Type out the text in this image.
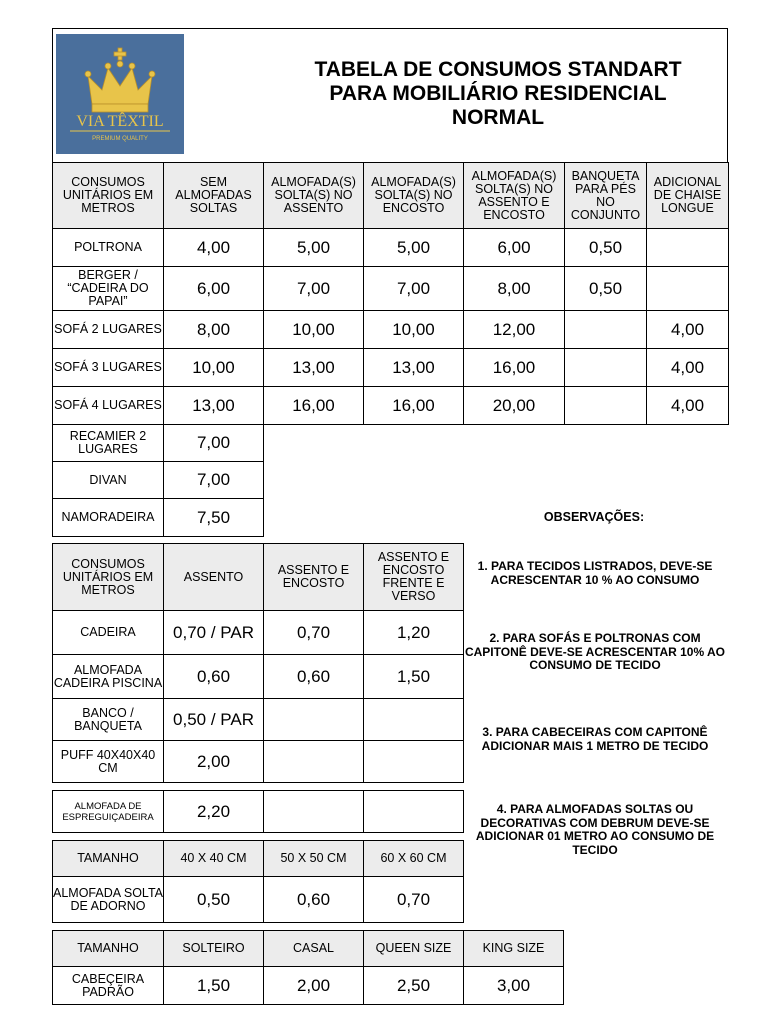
VIA TÊXTIL
PREMIUM QUALITY
TABELA DE CONSUMOS STANDART
PARA MOBILIÁRIO RESIDENCIAL
NORMAL
CONSUMOS UNITÁRIOS EM METROS	SEM ALMOFADAS SOLTAS	ALMOFADA(S) SOLTA(S) NO ASSENTO	ALMOFADA(S) SOLTA(S) NO ENCOSTO	ALMOFADA(S) SOLTA(S) NO ASSENTO E ENCOSTO	BANQUETA PARA PÉS NO CONJUNTO	ADICIONAL DE CHAISE LONGUE
POLTRONA	4,00	5,00	5,00	6,00	0,50	
BERGER / “CADEIRA DO PAPAI”	6,00	7,00	7,00	8,00	0,50	
SOFÁ 2 LUGARES	8,00	10,00	10,00	12,00		4,00
SOFÁ 3 LUGARES	10,00	13,00	13,00	16,00		4,00
SOFÁ 4 LUGARES	13,00	16,00	16,00	20,00		4,00
RECAMIER 2 LUGARES	7,00
DIVAN	7,00
NAMORADEIRA	7,50
CONSUMOS UNITÁRIOS EM METROS	ASSENTO	ASSENTO E ENCOSTO	ASSENTO E ENCOSTO FRENTE E VERSO
CADEIRA	0,70 / PAR	0,70	1,20
ALMOFADA CADEIRA PISCINA	0,60	0,60	1,50
BANCO / BANQUETA	0,50 / PAR		
PUFF 40X40X40 CM	2,00		
ALMOFADA DE ESPREGUIÇADEIRA	2,20		
TAMANHO	40 X 40 CM	50 X 50 CM	60 X 60 CM
ALMOFADA SOLTA DE ADORNO	0,50	0,60	0,70
TAMANHO	SOLTEIRO	CASAL	QUEEN SIZE	KING SIZE
CABEÇEIRA PADRÃO	1,50	2,00	2,50	3,00
OBSERVAÇÕES:
1. PARA TECIDOS LISTRADOS, DEVE-SE ACRESCENTAR 10 % AO CONSUMO
2. PARA SOFÁS E POLTRONAS COM CAPITONÊ DEVE-SE ACRESCENTAR 10% AO CONSUMO DE TECIDO
3. PARA CABECEIRAS COM CAPITONÊ ADICIONAR MAIS 1 METRO DE TECIDO
4. PARA ALMOFADAS SOLTAS OU DECORATIVAS COM DEBRUM DEVE-SE ADICIONAR 01 METRO AO CONSUMO DE TECIDO
